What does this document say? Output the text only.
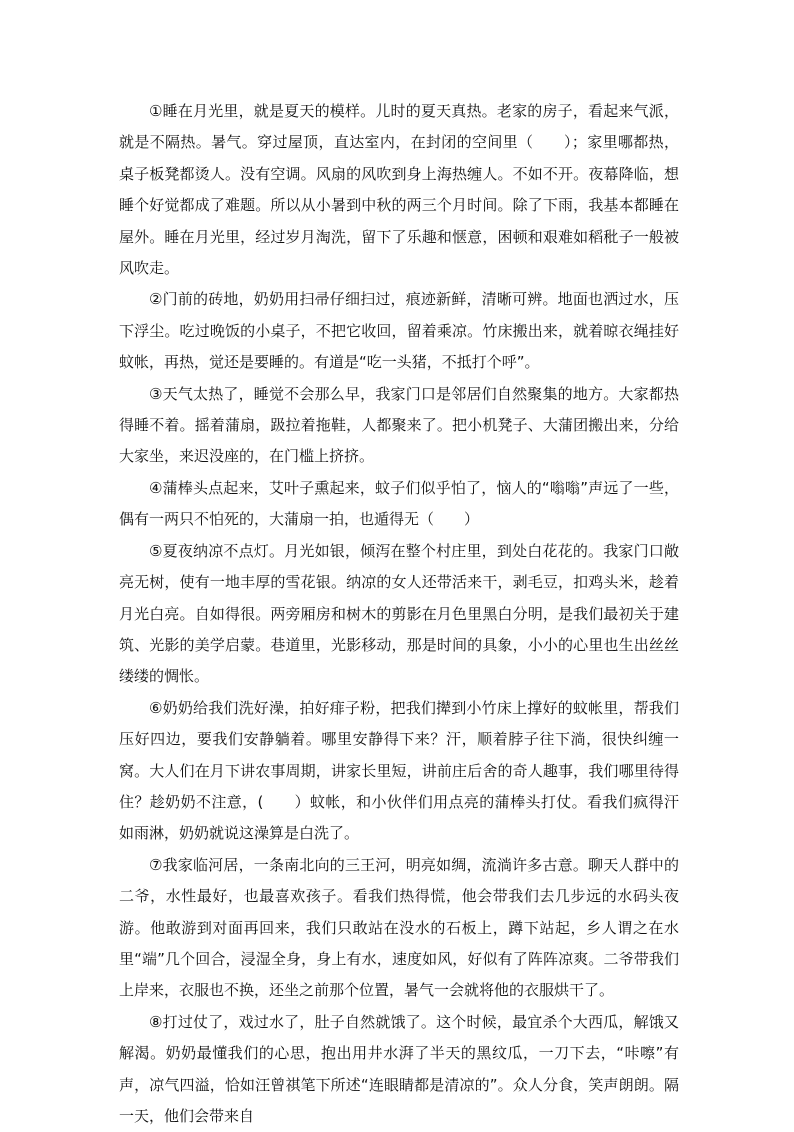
①睡在月光里，就是夏天的模样。儿时的夏天真热。老家的房子，看起来气派，就是不隔热。暑气。穿过屋顶，直达室内，在封闭的空间里（　　）；家里哪都热，桌子板凳都烫人。没有空调。风扇的风吹到身上海热缠人。不如不开。夜幕降临，想睡个好觉都成了难题。所以从小暑到中秋的两三个月时间。除了下雨，我基本都睡在屋外。睡在月光里，经过岁月淘洗，留下了乐趣和惬意，困顿和艰难如稻秕子一般被风吹走。

②门前的砖地，奶奶用扫帚仔细扫过，痕迹新鲜，清晰可辨。地面也洒过水，压下浮尘。吃过晚饭的小桌子，不把它收回，留着乘凉。竹床搬出来，就着晾衣绳挂好蚊帐，再热，觉还是要睡的。有道是“吃一头猪，不抵打个呼”。

③天气太热了，睡觉不会那么早，我家门口是邻居们自然聚集的地方。大家都热得睡不着。摇着蒲扇，趿拉着拖鞋，人都聚来了。把小机凳子、大蒲团搬出来，分给大家坐，来迟没座的，在门槛上挤挤。

④蒲棒头点起来，艾叶子熏起来，蚊子们似乎怕了，恼人的“嗡嗡”声远了一些，偶有一两只不怕死的，大蒲扇一拍，也遁得无（　　）

⑤夏夜纳凉不点灯。月光如银，倾泻在整个村庄里，到处白花花的。我家门口敞亮无树，使有一地丰厚的雪花银。纳凉的女人还带活来干，剥毛豆，扣鸡头米，趁着月光白亮。自如得很。两旁厢房和树木的剪影在月色里黑白分明，是我们最初关于建筑、光影的美学启蒙。巷道里，光影移动，那是时间的具象，小小的心里也生出丝丝缕缕的惆怅。

⑥奶奶给我们洗好澡，拍好痱子粉，把我们撵到小竹床上撑好的蚊帐里，帮我们压好四边，要我们安静躺着。哪里安静得下来？汗，顺着脖子往下淌，很快纠缠一窝。大人们在月下讲农事周期，讲家长里短，讲前庄后舍的奇人趣事，我们哪里待得住？趁奶奶不注意，(　　）蚊帐，和小伙伴们用点亮的蒲棒头打仗。看我们疯得汗如雨淋，奶奶就说这澡算是白洗了。

⑦我家临河居，一条南北向的三王河，明亮如绸，流淌许多古意。聊天人群中的二爷，水性最好，也最喜欢孩子。看我们热得慌，他会带我们去几步远的水码头夜游。他敢游到对面再回来，我们只敢站在没水的石板上，蹲下站起，乡人谓之在水里“端”几个回合，浸湿全身，身上有水，速度如风，好似有了阵阵凉爽。二爷带我们上岸来，衣服也不换，还坐之前那个位置，暑气一会就将他的衣服烘干了。

⑧打过仗了，戏过水了，肚子自然就饿了。这个时候，最宜杀个大西瓜，解饿又解渴。奶奶最懂我们的心思，抱出用井水湃了半天的黑纹瓜，一刀下去，“咔嚓”有声，凉气四溢，恰如汪曾祺笔下所述“连眼睛都是清凉的”。众人分食，笑声朗朗。隔一天，他们会带来自
